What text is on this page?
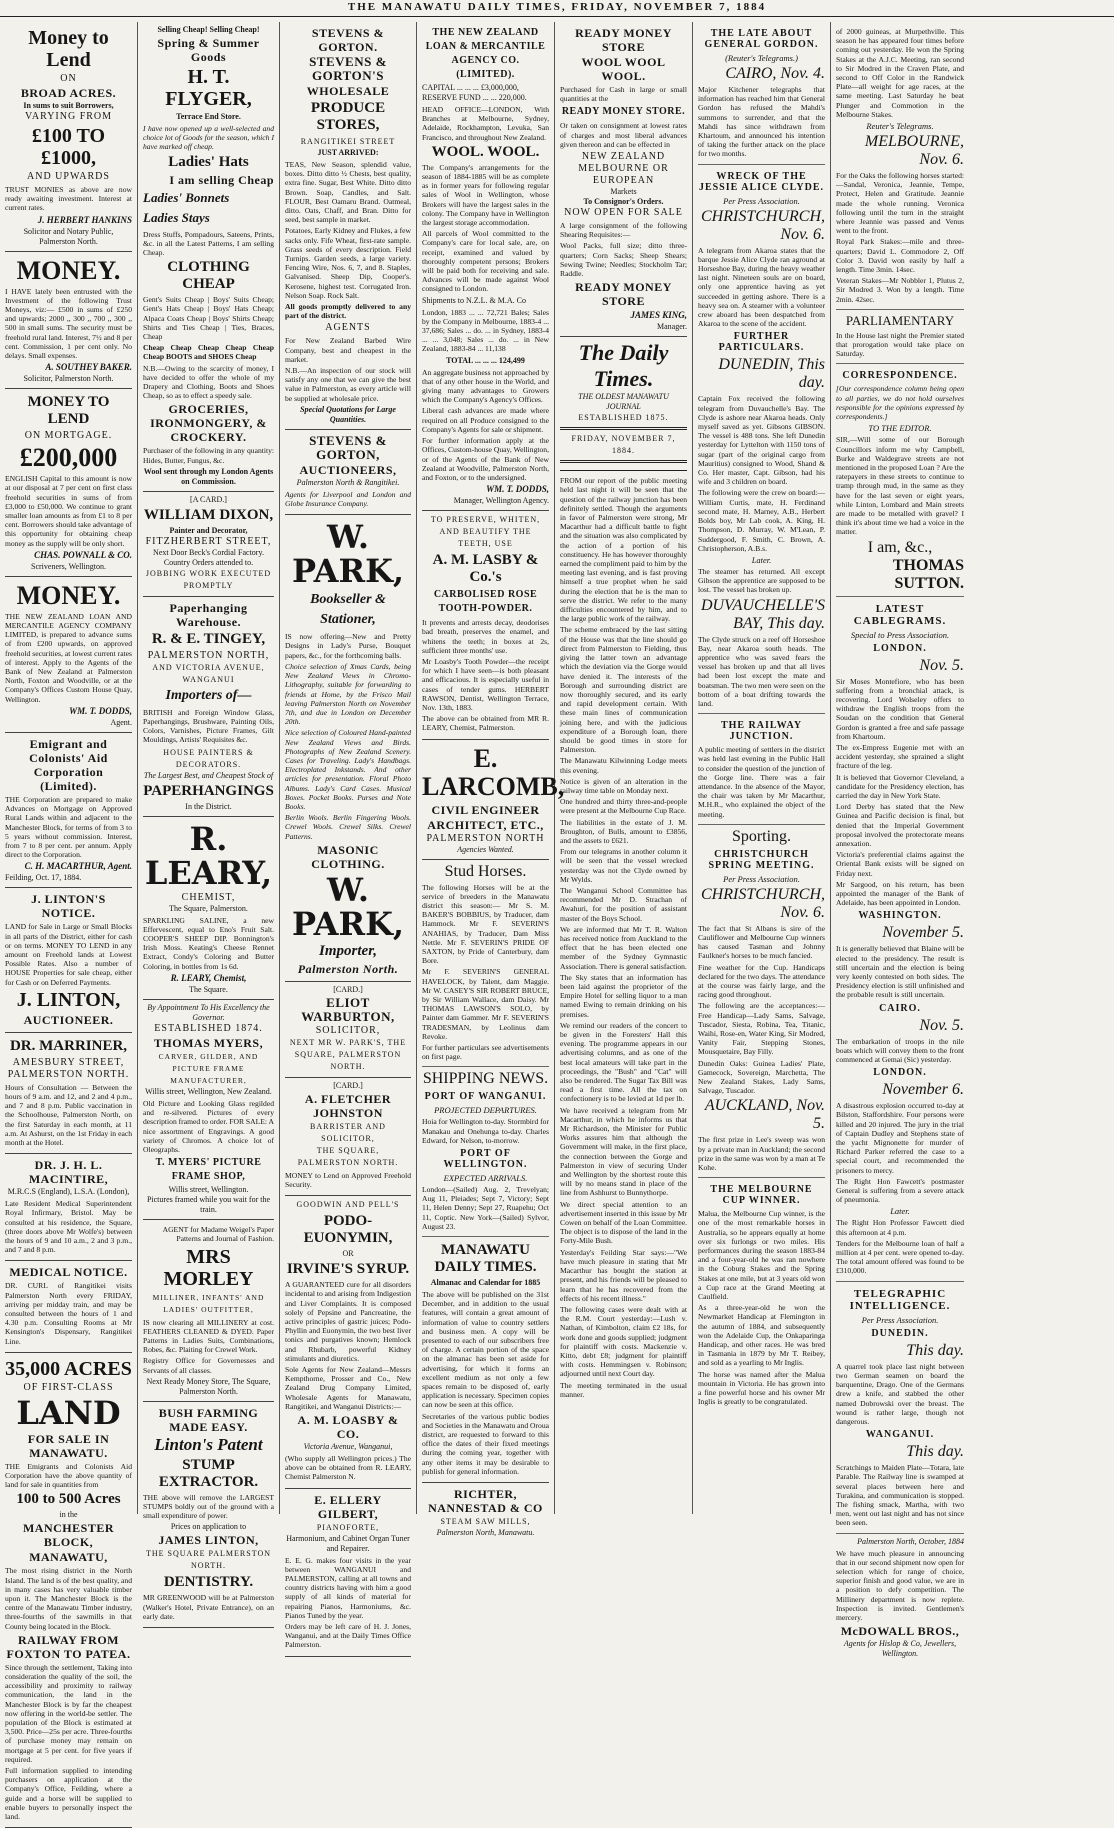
THE MANAWATU DAILY TIMES, FRIDAY, NOVEMBER 7, 1884
Money to Lend
ON
BROAD ACRES.
In sums to suit Borrowers,
VARYING FROM
£100 TO £1000,
AND UPWARDS
TRUST MONIES as above are now ready awaiting investment. Interest at current rates.
J. HERBERT HANKINS
Solicitor and Notary Public, Palmerston North.
MONEY.
I HAVE lately been entrusted with the Investment of the following Trust Moneys, viz:— £500 in sums of £250 and upwards; 2000 ,, 300 ,, 700 ,, 300 ,, 500 in small sums. The security must be freehold rural land. Interest, 7½ and 8 per cent. Commission, 1 per cent only. No delays. Small expenses.
A. SOUTHEY BAKER.
Solicitor, Palmerston North.
MONEY TO LEND
ON MORTGAGE.
£200,000
ENGLISH Capital to this amount is now at our disposal at 7 per cent on first class freehold securities in sums of from £3,000 to £50,000. We continue to grant smaller loan amounts as from £1 to 8 per cent. Borrowers should take advantage of this opportunity for obtaining cheap money as the supply will be only short.
CHAS. POWNALL & CO.
Scriveners, Wellington.
MONEY.
THE NEW ZEALAND LOAN AND MERCANTILE AGENCY COMPANY LIMITED, is prepared to advance sums of from £200 upwards, on approved freehold securities, at lowest current rates of interest. Apply to the Agents of the Bank of New Zealand at Palmerston North, Foxton and Woodville, or at the Company's Offices Custom House Quay, Wellington.
WM. T. DODDS,
Agent.
Emigrant and Colonists' Aid Corporation (Limited).
THE Corporation are prepared to make Advances on Mortgage on Approved Rural Lands within and adjacent to the Manchester Block, for terms of from 3 to 5 years without commission. Interest, from 7 to 8 per cent. per annum. Apply direct to the Corporation.
C. H. MACARTHUR, Agent.
Feilding, Oct. 17, 1884.
J. LINTON'S NOTICE.
LAND for Sale in Large or Small Blocks in all parts of the District, either for cash or on terms. MONEY TO LEND in any amount on Freehold lands at Lowest Possible Rates. Also a number of HOUSE Properties for sale cheap, either for Cash or on Deferred Payments.
J. LINTON,
AUCTIONEER.
DR. MARRINER,
AMESBURY STREET, PALMERSTON NORTH.
Hours of Consultation — Between the hours of 9 a.m. and 12, and 2 and 4 p.m., and 7 and 8 p.m. Public vaccination in the Schoolhouse, Palmerston North, on the first Saturday in each month, at 11 a.m. At Ashurst, on the 1st Friday in each month at the Hotel.
DR. J. H. L. MACINTIRE,
M.R.C.S (England), L.S.A. (London),
Late Resident Medical Superintendent Royal Infirmary, Bristol. May be consulted at his residence, the Square, (three doors above Mr Wolfe's) between the hours of 9 and 10 a.m., 2 and 3 p.m., and 7 and 8 p.m.
MEDICAL NOTICE.
DR. CURL of Rangitikei visits Palmerston North every FRIDAY, arriving per midday train, and may be consulted between the hours of 1 and 4.30 p.m. Consulting Rooms at Mr Kensington's Dispensary, Rangitikei Line.
35,000 ACRES
OF FIRST-CLASS
LAND
FOR SALE IN MANAWATU.
THE Emigrants and Colonists Aid Corporation have the above quantity of land for sale in quantities from
100 to 500 Acres
in the
MANCHESTER BLOCK,
MANAWATU,
The most rising district in the North Island. The land is of the best quality, and in many cases has very valuable timber upon it. The Manchester Block is the centre of the Manawatu Timber industry, three-fourths of the sawmills in that County being located in the Block.
RAILWAY FROM FOXTON TO PATEA.
Since through the settlement, Taking into consideration the quality of the soil, the accessibility and proximity to railway communication, the land in the Manchester Block is by far the cheapest now offering in the world-be settler. The population of the Block is estimated at 3,500. Price—25s per acre. Three-fourths of purchase money may remain on mortgage at 5 per cent. for five years if required.
Full information supplied to intending purchasers on application at the Company's Office, Feilding, where a guide and a horse will be supplied to enable buyers to personally inspect the land.
Selling Cheap! Selling Cheap!
Spring & Summer Goods
H. T. FLYGER,
Terrace End Store.
I have now opened up a well-selected and choice lot of Goods for the season, which I have marked off cheap.
Ladies' Hats
I am selling Cheap
Ladies' Bonnets
Ladies Stays
Dress Stuffs, Pompadours, Sateens, Prints, &c. in all the Latest Patterns, I am selling Cheap.
CLOTHING CHEAP
Gent's Suits Cheap | Boys' Suits Cheap; Gent's Hats Cheap | Boys' Hats Cheap; Alpaca Coats Cheap | Boys' Shirts Cheap; Shirts and Ties Cheap | Ties, Braces, Cheap
Cheap Cheap Cheap Cheap Cheap Cheap BOOTS and SHOES Cheap
N.B.—Owing to the scarcity of money, I have decided to offer the whole of my Drapery and Clothing, Boots and Shoes Cheap, so as to effect a speedy sale.
GROCERIES, IRONMONGERY, & CROCKERY.
Purchaser of the following in any quantity: Hides, Butter, Fungus, &c.
Wool sent through my London Agents on Commission.
[A CARD.]
WILLIAM DIXON,
Painter and Decorator,
FITZHERBERT STREET,
Next Door Beck's Cordial Factory.
Country Orders attended to.
JOBBING WORK EXECUTED PROMPTLY
Paperhanging Warehouse.
R. & E. TINGEY,
PALMERSTON NORTH,
AND VICTORIA AVENUE, WANGANUI
Importers of—
BRITISH and Foreign Window Glass, Paperhangings, Brushware, Painting Oils, Colors, Varnishes, Picture Frames, Gilt Mouldings, Artists' Requisites &c.
HOUSE PAINTERS & DECORATORS.
The Largest Best, and Cheapest Stock of
PAPERHANGINGS
In the District.
R. LEARY,
CHEMIST,
The Square, Palmerston.
SPARKLING SALINE, a new Effervescent, equal to Eno's Fruit Salt. COOPER'S SHEEP DIP. Bonnington's Irish Moss. Keating's Cheese Rennet Extract, Condy's Coloring and Butter Coloring, in bottles from 1s 6d.
R. LEARY, Chemist,
The Square.
By Appointment To His Excellency the Governor.
ESTABLISHED 1874.
THOMAS MYERS,
CARVER, GILDER, AND PICTURE FRAME MANUFACTURER,
Willis street, Wellington, New Zealand.
Old Picture and Looking Glass regilded and re-silvered. Pictures of every description framed to order. FOR SALE: A nice assortment of Engravings. A good variety of Chromos. A choice lot of Oleographs.
T. MYERS' PICTURE FRAME SHOP,
Willis street, Wellington.
Pictures framed while you wait for the train.
AGENT for Madame Weigel's Paper Patterns and Journal of Fashion.
MRS MORLEY
MILLINER, INFANTS' AND LADIES' OUTFITTER,
IS now clearing all MILLINERY at cost. FEATHERS CLEANED & DYED. Paper Patterns in Ladies Suits, Combinations, Robes, &c. Plaiting for Crewel Work.
Registry Office for Governesses and Servants of all classes.
Next Ready Money Store, The Square, Palmerston North.
BUSH FARMING MADE EASY.
Linton's Patent
STUMP EXTRACTOR.
THE above will remove the LARGEST STUMPS boldly out of the ground with a small expenditure of power.
Prices on application to
JAMES LINTON,
THE SQUARE PALMERSTON NORTH.
DENTISTRY.
MR GREENWOOD will be at Palmerston (Walker's Hotel, Private Entrance), on an early date.
STEVENS & GORTON.
STEVENS & GORTON'S
WHOLESALE
PRODUCE STORES,
RANGITIKEI STREET
JUST ARRIVED:
TEAS, New Season, splendid value, boxes. Ditto ditto ½ Chests, best quality, extra fine. Sugar, Best White. Ditto ditto Brown. Soap, Candles, and Salt. FLOUR, Best Oamaru Brand. Oatmeal, ditto. Oats, Chaff, and Bran. Ditto for seed, best sample in market.
Potatoes, Early Kidney and Flukes, a few sacks only. Fife Wheat, first-rate sample. Grass seeds of every description. Field Turnips. Garden seeds, a large variety. Fencing Wire, Nos. 6, 7, and 8. Staples, Galvanised. Sheep Dip, Cooper's. Kerosene, highest test. Corrugated Iron. Nelson Soap. Rock Salt.
All goods promptly delivered to any part of the district.
AGENTS
For New Zealand Barbed Wire Company, best and cheapest in the market.
N.B.—An inspection of our stock will satisfy any one that we can give the best value in Palmerston, as every article will be supplied at wholesale price.
Special Quotations for Large Quantities.
STEVENS & GORTON,
AUCTIONEERS,
Palmerston North & Rangitikei.
Agents for Liverpool and London and Globe Insurance Company.
W. PARK,
Bookseller & Stationer,
IS now offering—New and Pretty Designs in Lady's Purse, Bouquet papers, &c., for the forthcoming balls.
Choice selection of Xmas Cards, being New Zealand Views in Chromo-Lithography, suitable for forwarding to friends at Home, by the Frisco Mail leaving Palmerston North on November 7th, and due in London on December 20th.
Nice selection of Coloured Hand-painted New Zealand Views and Birds. Photographs of New Zealand Scenery. Cases for Traveling. Lady's Handbags. Electroplated Inkstands. And other articles for presentation. Floral Photo Albums. Lady's Card Cases. Musical Boxes. Pocket Books. Purses and Note Books.
Berlin Wools. Berlin Fingering Wools. Crewel Wools. Crewel Silks. Crewel Patterns.
MASONIC CLOTHING.
W. PARK,
Importer,
Palmerston North.
[CARD.]
ELIOT WARBURTON,
SOLICITOR,
NEXT MR W. PARK'S, THE SQUARE, PALMERSTON NORTH.
[CARD.]
A. FLETCHER JOHNSTON
BARRISTER AND SOLICITOR,
THE SQUARE, PALMERSTON NORTH.
MONEY to Lend on Approved Freehold Security.
GOODWIN AND PELL'S
PODO-EUONYMIN,
OR
IRVINE'S SYRUP.
A GUARANTEED cure for all disorders incidental to and arising from Indigestion and Liver Complaints. It is composed solely of Pepsine and Pancreatine, the active principles of gastric juices; Podo-Phyllin and Euonymin, the two best liver tonics and purgatives known; Hemlock and Rhubarb, powerful Kidney stimulants and diuretics.
Sole Agents for New Zealand—Messrs Kempthorne, Prosser and Co., New Zealand Drug Company Limited, Wholesale Agents for Manawatu, Rangitikei, and Wanganui Districts:—
A. M. LOASBY & CO.
Victoria Avenue, Wanganui,
(Who supply all Wellington prices.) The above can be obtained from R. LEARY, Chemist Palmerston N.
E. ELLERY GILBERT,
PIANOFORTE,
Harmonium, and Cabinet Organ Tuner and Repairer.
E. E. G. makes four visits in the year between WANGANUI and PALMERSTON, calling at all towns and country districts having with him a good supply of all kinds of material for repairing Pianos, Harmoniums, &c. Pianos Tuned by the year.
Orders may be left care of H. J. Jones, Wanganui, and at the Daily Times Office Palmerston.
THE NEW ZEALAND LOAN & MERCANTILE AGENCY CO. (LIMITED).
CAPITAL ... ... ... £3,000,000,
RESERVE FUND ... ... 220,000.
HEAD OFFICE—LONDON, With Branches at Melbourne, Sydney, Adelaide, Rockhampton, Levuka, San Francisco, and throughout New Zealand.
WOOL. WOOL.
The Company's arrangements for the season of 1884-1885 will be as complete as in former years for following regular sales of Wool in Wellington, whose Brokers will have the largest sales in the colony. The Company have in Wellington the largest storage accommodation.
All parcels of Wool committed to the Company's care for local sale, are, on receipt, examined and valued by thoroughly competent persons; Brokers will be paid both for receiving and sale. Advances will be made against Wool consigned to London.
Shipments to N.Z.L. & M.A. Co
London, 1883 ... ... 72,721 Bales; Sales by the Company in Melbourne, 1883-4 ... 37,686; Sales ... do. ... in Sydney, 1883-4 ... ... 3,048; Sales ... do. ... in New Zealand, 1883-84 ... 11,138
TOTAL ... ... ... 124,499
An aggregate business not approached by that of any other house in the World, and giving many advantages to Growers which the Company's Agency's Offices.
Liberal cash advances are made where required on all Produce consigned to the Company's Agents for sale or shipment.
For further information apply at the Offices, Custom-house Quay, Wellington, or of the Agents of the Bank of New Zealand at Woodville, Palmerston North, and Foxton, or to the undersigned.
WM. T. DODDS,
Manager, Wellington Agency.
TO PRESERVE, WHITEN, AND BEAUTIFY THE TEETH, USE
A. M. LASBY & Co.'s
CARBOLISED ROSE TOOTH-POWDER.
It prevents and arrests decay, deodorises bad breath, preserves the enamel, and whitens the teeth; in boxes at 2s, sufficient three months' use.
Mr Loasby's Tooth Powder—the receipt for which I have seen—is both pleasant and efficacious. It is especially useful in cases of tender gums. HERBERT RAWSON, Dentist, Wellington Terrace, Nov. 13th, 1883.
The above can be obtained from MR R. LEARY, Chemist, Palmerston.
E. LARCOMB,
CIVIL ENGINEER
ARCHITECT, ETC.,
PALMERSTON NORTH
Agencies Wanted.
Stud Horses.
The following Horses will be at the service of breeders in the Manawatu district this season:— Mr S. M. BAKER'S BOBBIUS, by Traducer, dam Hammock. Mr F. SEVERIN'S ANAHIAS, by Traducer, Dam Miss Nettle. Mr F. SEVERIN'S PRIDE OF SAXTON, by Pride of Canterbury, dam Bore.
Mr F. SEVERIN'S GENERAL HAVELOCK, by Talent, dam Maggie. Mr W. CASEY'S SIR ROBERT BRUCE, by Sir William Wallace, dam Daisy. Mr THOMAS LAWSON'S SOLO, by Painter dam Gammer. Mr F. SEVERIN'S TRADESMAN, by Leolinus dam Revoke.
For further particulars see advertisements on first page.
SHIPPING NEWS.
PORT OF WANGANUI.
PROJECTED DEPARTURES.
Hoia for Wellington to-day. Stormbird for Manakau and Onehunga to-day. Charles Edward, for Nelson, to-morrow.
PORT OF WELLINGTON.
EXPECTED ARRIVALS.
London—(Sailed) Aug. 2, Trevelyan; Aug 11, Pleiades; Sept 7, Victory; Sept 11, Helen Denny; Sept 27, Ruapehu; Oct 11, Coptic. New York—(Sailed) Sylvor, August 23.
MANAWATU DAILY TIMES.
Almanac and Calendar for 1885
The above will be published on the 31st December, and in addition to the usual features, will contain a great amount of information of value to country settlers and business men. A copy will be presented to each of our subscribers free of charge. A certain portion of the space on the almanac has been set aside for advertising, for which it forms an excellent medium as not only a few spaces remain to be disposed of, early application is necessary. Specimen copies can now be seen at this office.
Secretaries of the various public bodies and Societies in the Manawatu and Oroua district, are requested to forward to this office the dates of their fixed meetings during the coming year, together with any other items it may be desirable to publish for general information.
RICHTER, NANNESTAD & CO
STEAM SAW MILLS,
Palmerston North, Manawatu.
READY MONEY STORE
WOOL WOOL WOOL.
Purchased for Cash in large or small quantities at the
READY MONEY STORE.
Or taken on consignment at lowest rates of charges and most liberal advances given thereon and can be effected in
NEW ZEALAND
MELBOURNE OR
EUROPEAN
Markets
To Consignor's Orders.
NOW OPEN FOR SALE
A large consignment of the following Shearing Requisites:—
Wool Packs, full size; ditto three-quarters; Corn Sacks; Sheep Shears; Sewing Twine; Needles; Stockholm Tar; Raddle.
READY MONEY STORE
JAMES KING,
Manager.
The Daily Times.
THE OLDEST MANAWATU JOURNAL
ESTABLISHED 1875.
FRIDAY, NOVEMBER 7, 1884.
FROM our report of the public meeting held last night it will be seen that the question of the railway junction has been definitely settled. Though the arguments in favor of Palmerston were strong, Mr Macarthur had a difficult battle to fight and the situation was also complicated by the action of a portion of his constituency. He has however thoroughly earned the compliment paid to him by the meeting last evening, and is fast proving himself a true prophet when he said during the election that he is the man to serve the district. We refer to the many difficulties encountered by him, and to the large public work of the railway.
The scheme embraced by the last sitting of the House was that the line should go direct from Palmerston to Fielding, thus giving the latter town an advantage which the deviation via the Gorge would have denied it. The interests of the Borough and surrounding district are now thoroughly secured, and its early and rapid development certain. With these main lines of communication joining here, and with the judicious expenditure of a Borough loan, there should be good times in store for Palmerston.
The Manawatu Kilwinning Lodge meets this evening.
Notice is given of an alteration in the railway time table on Monday next.
One hundred and thirty three-and-people were present at the Melbourne Cup Race.
The liabilities in the estate of J. M. Broughton, of Bulls, amount to £3856, and the assets to £621.
From our telegrams in another column it will be seen that the vessel wrecked yesterday was not the Clyde owned by Mr Wylds.
The Wanganui School Committee has recommended Mr D. Strachan of Awahuri, for the position of assistant master of the Boys School.
We are informed that Mr T. R. Walton has received notice from Auckland to the effect that he has been elected one member of the Sydney Gymnastic Association. There is general satisfaction.
The Sky states that an information has been laid against the proprietor of the Empire Hotel for selling liquor to a man named Ewing to remain drinking on his premises.
We remind our readers of the concert to be given in the Foresters' Hall this evening. The programme appears in our advertising columns, and as one of the best local amateurs will take part in the proceedings, the "Bush" and "Cat" will also be rendered. The Sugar Tax Bill was read a first time. All the tax on confectionery is to be levied at 1d per lb.
We have received a telegram from Mr Macarthur, in which he informs us that Mr Richardson, the Minister for Public Works assures him that although the Government will make, in the first place, the connection between the Gorge and Palmerston in view of securing Under and Wellington by the shortest route this will by no means stand in place of the line from Ashhurst to Bunnythorpe.
We direct special attention to an advertisement inserted in this issue by Mr Cowen on behalf of the Loan Committee. The object is to dispose of the land in the Forty-Mile Bush.
Yesterday's Feilding Star says:—"We have much pleasure in stating that Mr Macarthur has bought the station at present, and his friends will be pleased to learn that he has recovered from the effects of his recent illness."
The following cases were dealt with at the R.M. Court yesterday:—Lush v. Nathan, of Kimbolton, claim £2 18s, for work done and goods supplied; judgment for plaintiff with costs. Mackenzie v. Kitto, debt £8; judgment for plaintiff with costs. Hemmingsen v. Robinson; adjourned until next Court day.
The meeting terminated in the usual manner.
THE LATE ABOUT GENERAL GORDON.
(Reuter's Telegrams.)
CAIRO, Nov. 4.
Major Kitchener telegraphs that information has reached him that General Gordon has refused the Mahdi's summons to surrender, and that the Mahdi has since withdrawn from Khartoum, and announced his intention of taking the further attack on the place for two months.
WRECK OF THE JESSIE ALICE CLYDE.
Per Press Association.
CHRISTCHURCH, Nov. 6.
A telegram from Akaroa states that the barque Jessie Alice Clyde ran aground at Horseshoe Bay, during the heavy weather last night. Nineteen souls are on board, only one apprentice having as yet succeeded in getting ashore. There is a heavy sea on. A steamer with a volunteer crew aboard has been despatched from Akaroa to the scene of the accident.
FURTHER PARTICULARS.
DUNEDIN, This day.
Captain Fox received the following telegram from Duvauchelle's Bay. The Clyde is ashore near Akaroa heads. Only myself saved as yet. Gibsons GIBSON. The vessel is 488 tons. She left Dunedin yesterday for Lyttelton with 1150 tons of sugar (part of the original cargo from Mauritius) consigned to Wood, Shand & Co. Her master, Capt. Gibson, had his wife and 3 children on board.
The following were the crew on board:— William Curtis, mate, H. Ferdinand second mate, H. Marney, A.B., Herbert Bolds boy, Mr Lab cook, A. King, H. Thompson, D. Murray, W. M'Lean, P. Suddergood, F. Smith, C. Brown, A. Christopherson, A.B.s.
Later.
The steamer has returned. All except Gibson the apprentice are supposed to be lost. The vessel has broken up.
DUVAUCHELLE'S BAY, This day.
The Clyde struck on a reef off Horseshoe Bay, near Akaroa south heads. The apprentice who was saved fears the vessel has broken up and that all lives had been lost except the mate and boatsman. The two men were seen on the bottom of a boat drifting towards the land.
THE RAILWAY JUNCTION.
A public meeting of settlers in the district was held last evening in the Public Hall to consider the question of the junction of the Gorge line. There was a fair attendance. In the absence of the Mayor, the chair was taken by Mr Macarthur, M.H.R., who explained the object of the meeting.
Sporting.
CHRISTCHURCH SPRING MEETING.
Per Press Association.
CHRISTCHURCH, Nov. 6.
The fact that St Albans is sire of the Cauliflower and Melbourne Cup winners has caused Tasman and Johnny Faulkner's horses to be much fancied.
Fine weather for the Cup. Handicaps declared for the two days. The attendance at the course was fairly large, and the racing good throughout.
The following are the acceptances:— Free Handicap—Lady Sams, Salvage, Tuscador, Siesta, Robina, Tea, Titanic, Waihi, Rose-en, Water King, Sir Modred, Vanity Fair, Stepping Stones, Mousquetaire, Bay Filly.
Dunedin Oaks: Guinea Ladies' Plate, Gamecock, Sovereign, Marchetta, The New Zealand Stakes, Lady Sams, Salvage, Tuscador.
AUCKLAND, Nov. 5.
The first prize in Lee's sweep was won by a private man in Auckland; the second prize in the same was won by a man at Te Kohe.
THE MELBOURNE CUP WINNER.
Malua, the Melbourne Cup winner, is the one of the most remarkable horses in Australia, so he appears equally at home over six furlongs or two miles. His performances during the season 1883-84 and a four-year-old he was ran nowhere in the Coburg Stakes and the Spring Stakes at one mile, but at 3 years old won a Cup race at the Grand Meeting at Caulfield.
As a three-year-old he won the Newmarket Handicap at Flemington in the autumn of 1884, and subsequently won the Adelaide Cup, the Onkaparinga Handicap, and other races. He was bred in Tasmania in 1879 by Mr T. Reibey, and sold as a yearling to Mr Inglis.
The horse was named after the Malua mountain in Victoria. He has grown into a fine powerful horse and his owner Mr Inglis is greatly to be congratulated.
of 2000 guineas, at Murpethville. This season he has appeared four times before coming out yesterday. He won the Spring Stakes at the A.J.C. Meeting, ran second to Sir Modred in the Craven Plate, and second to Off Color in the Randwick Plate—all weight for age races, at the same meeting. Last Saturday he beat Plunger and Commotion in the Melbourne Stakes.
Reuter's Telegrams.
MELBOURNE, Nov. 6.
For the Oaks the following horses started:—Sandal, Veronica, Jeannie, Tempe, Protect, Helen and Gratitude. Jeannie made the whole running. Veronica following until the turn in the straight where Jeannie was passed and Venus went to the front.
Royal Park Stakes:—mile and three-quarters; David L. Commodore 2, Off Color 3. David won easily by half a length. Time 3min. 14sec.
Veteran Stakes—Mr Nobbler 1, Plutus 2, Sir Modred 3. Won by a length. Time 2min. 42sec.
PARLIAMENTARY
In the House last night the Premier stated that prorogation would take place on Saturday.
CORRESPONDENCE.
[Our correspondence column being open to all parties, we do not hold ourselves responsible for the opinions expressed by correspondents.]
TO THE EDITOR.
SIR,—Will some of our Borough Councillors inform me why Campbell, Burke and Waldegrave streets are not mentioned in the proposed Loan ? Are the ratepayers in these streets to continue to tramp through mud, in the same as they have for the last seven or eight years, while Linton, Lombard and Main streets are made to be metalled with gravel? I think it's about time we had a voice in the matter.
I am, &c.,
THOMAS SUTTON.
LATEST CABLEGRAMS.
Special to Press Association.
LONDON.
Nov. 5.
Sir Moses Montefiore, who has been suffering from a bronchial attack, is recovering. Lord Wolseley offers to withdraw the English troops from the Soudan on the condition that General Gordon is granted a free and safe passage from Khartoum.
The ex-Empress Eugenie met with an accident yesterday, she sprained a slight fracture of the leg.
It is believed that Governor Cleveland, a candidate for the Presidency election, has carried the day in New York State.
Lord Derby has stated that the New Guinea and Pacific decision is final, but denied that the Imperial Government proposal involved the protectorate means annexation.
Victoria's preferential claims against the Oriental Bank exists will be signed on Friday next.
Mr Sargood, on his return, has been appointed the manager of the Bank of Adelaide, has been appointed in London.
WASHINGTON.
November 5.
It is generally believed that Blaine will be elected to the presidency. The result is still uncertain and the election is being very keenly contested on both sides. The Presidency election is still unfinished and the probable result is still uncertain.
CAIRO.
Nov. 5.
The embarkation of troops in the nile boats which will convey them to the front commenced at Gemai (Sic) yesterday.
LONDON.
November 6.
A disastrous explosion occurred to-day at Bilston, Staffordshire. Four persons were killed and 20 injured. The jury in the trial of Captain Dudley and Stephens state of the yacht Mignonette for murder of Richard Parker referred the case to a special court, and recommended the prisoners to mercy.
The Right Hon Fawcett's postmaster General is suffering from a severe attack of pneumonia.
Later.
The Right Hon Professor Fawcett died this afternoon at 4 p.m.
Tenders for the Melbourne loan of half a million at 4 per cent. were opened to-day. The total amount offered was found to be £310,000.
TELEGRAPHIC INTELLIGENCE.
Per Press Association.
DUNEDIN.
This day.
A quarrel took place last night between two German seamen on board the barquentine, Drago. One of the Germans drew a knife, and stabbed the other named Dobrowski over the breast. The wound is rather large, though not dangerous.
WANGANUI.
This day.
Scratchings to Maiden Plate—Totara, late Parable. The Railway line is swamped at several places between here and Turakina, and communication is stopped. The fishing smack, Martha, with two men, went out last night and has not since been seen.
Palmerston North, October, 1884
We have much pleasure in announcing that in our second shipment now open for selection which for range of choice, superior finish and good value, we are in a position to defy competition. The Millinery department is now replete. Inspection is invited. Gentlemen's mercery.
McDOWALL BROS.,
Agents for Hislop & Co, Jewellers, Wellington.
